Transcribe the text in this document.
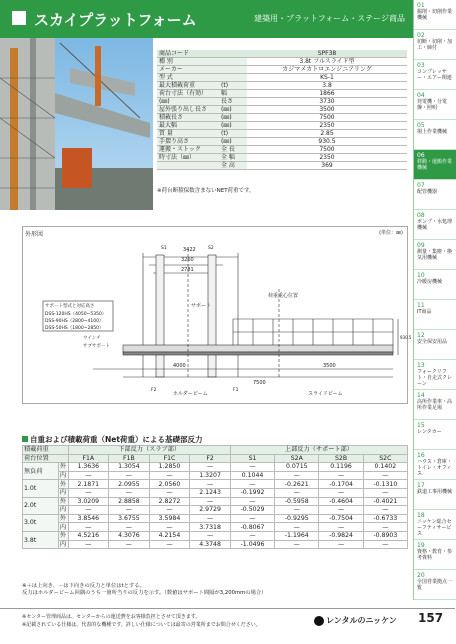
スカイプラットフォーム	建築用・プラットフォーム・ステージ商品
01
掘削・切削作業機械
02
切断・切削・加工・締付
03
コンプレッサー・エアー関連
04
発電機・分電盤・照明
05
揚上作業機械
06
移動・運搬作業機械
07
配管機器
08
ポンプ・水処理機械
09
測量・集塵・換気用機械
10
冷暖房機械
11
IT商品
12
安全保安用品
13
フォークリフト・自走式クレーン
14
高所作業車・高所作業足場
15
レンタカー
16
ハウス・倉庫・トイレ・オフィス
17
鉄道工事用機械
18
ニッケン総合セーフティサービス
19
資格・教育・参考資料
20
全国営業拠点一覧
商品コード		SPF38
種 別		3.8t フルスライド型
メーカー		カジマメカトロエンジニアリング
型 式		KS-1
最大積載荷重	(t)	3.8
荷台寸法（有効）	幅	1866
(㎜)	長さ	3730
屋外張り出し長さ	(㎜)	3500
積載長さ	(㎜)	7500
最大幅	(㎜)	2350
質 量	(t)	2.85
手摺り高さ	(㎜)	930.5
運搬・ストック	全 長	7500
時寸法（㎜）	全 幅	2350
	全 高	369
※荷台断積保数含まないNET荷重です。
外形図	(単位：㎜)
3422
3260
2781
4000	3500
7500
930.5
サポート
荷重重心位置
サポート型式と対応高さ
DSS-120HS（4050~5350）
DSS-90HS（2800~4100）
DSS-50HS（1800~2850）
ホルダービーム	スライドビーム
サブサポート
ウインチ
S1	S2
F2	F1
自重および積載荷重（Net荷重）による基礎部反力
積載荷重		下部反力（スラブ部）				上部反力（サポート部）			
荷台位置		F1A	F1B	F1C	F2	S1	S2A	S2B	S2C
無負荷	外	1.3636	1.3054	1.2850	—	—	0.0715	0.1196	0.1402
	内	—	—	—	1.3207	0.1044	—	—	—
1.0t	外	2.1871	2.0955	2.0560	—	—	-0.2621	-0.1704	-0.1310
	内	—	—	—	2.1243	-0.1992	—	—	—
2.0t	外	3.0209	2.8858	2.8272	—	—	-0.5958	-0.4604	-0.4021
	内	—	—	—	2.9729	-0.5029	—	—	—
3.0t	外	3.8546	3.6755	3.5984	—	—	-0.9295	-0.7504	-0.6733
	内	—	—	—	3.7318	-0.8067	—	—	—
3.8t	外	4.5216	4.3076	4.2154	—	—	-1.1964	-0.9824	-0.8903
	内	—	—	—	4.3748	-1.0496	—	—	—
※＋は上向き、－は下向きの反力と単位はtとする。
反力はホルダービーム回隅のうち一箇所当りの反力を示す。（数値はサポート間隔が3,200mmの場合）
※センター管理商品は、センターからの運送費をお客様負担とさせて頂きます。
※記載されている仕様は、代表的な機種です。詳しい仕様については最寄の営業所までお問合せください。	レンタルのニッケン 157
